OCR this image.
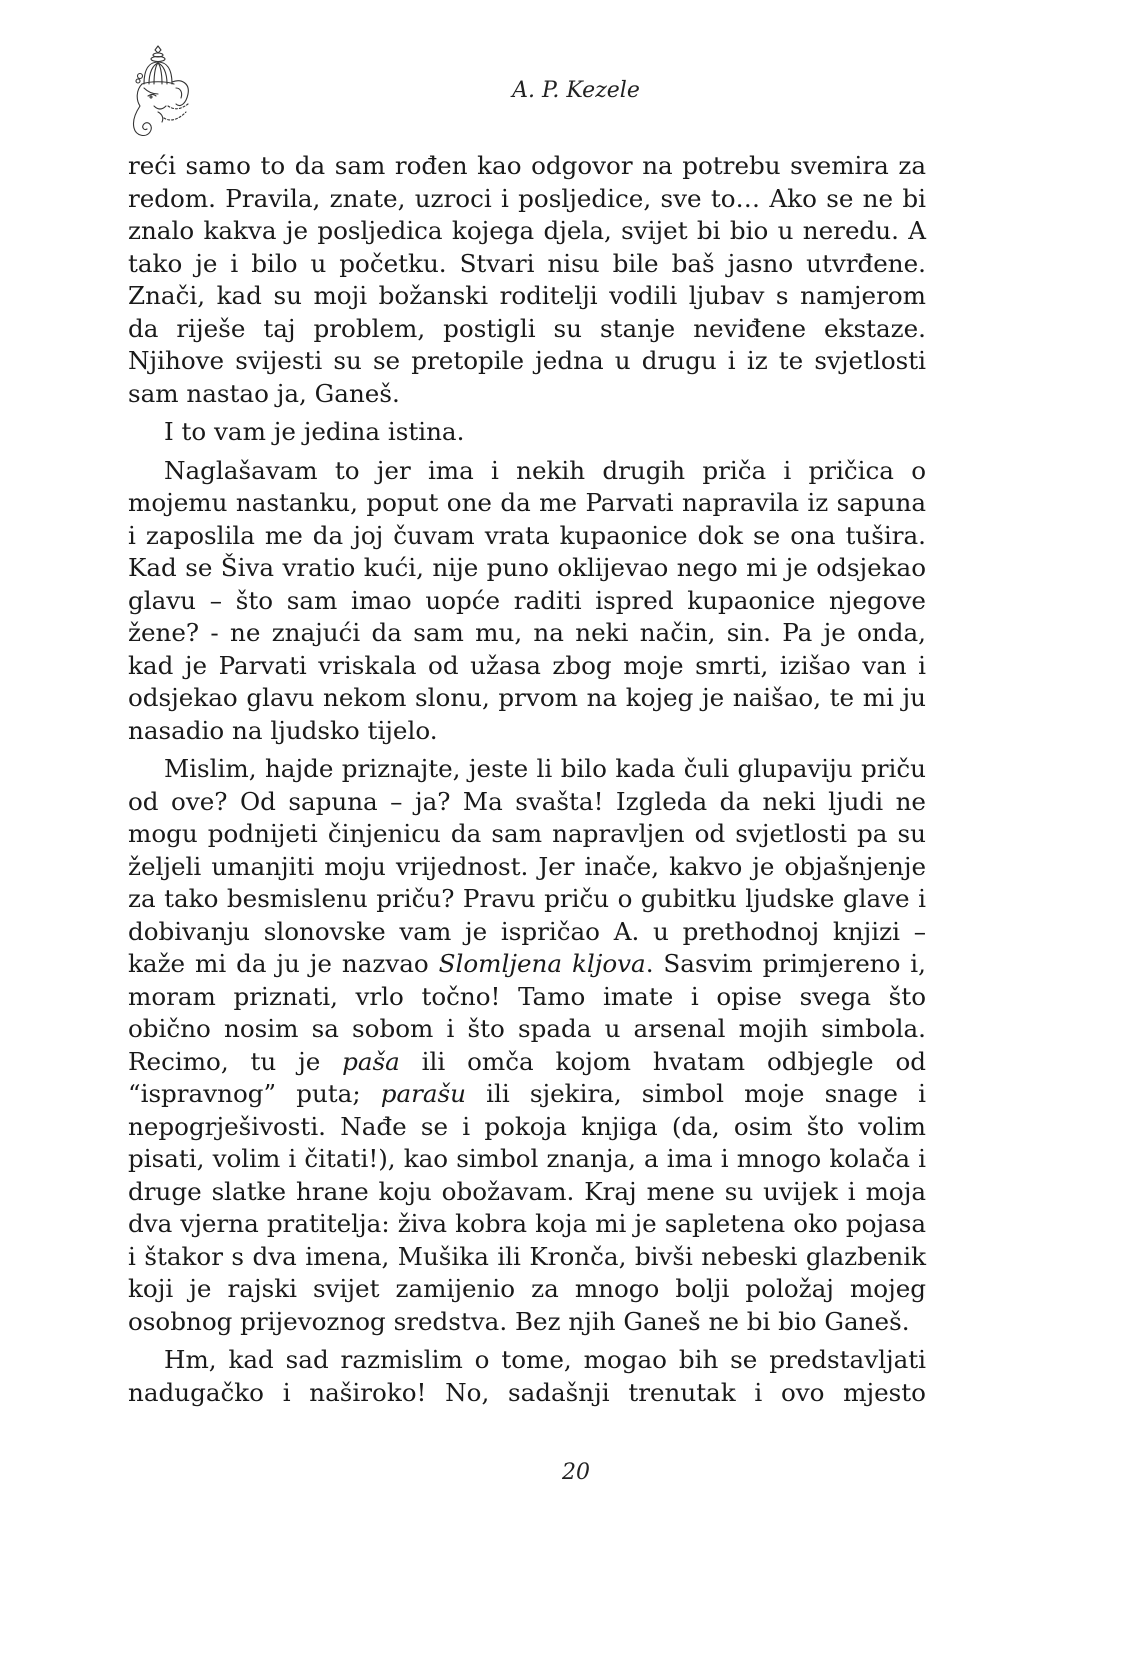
A. P. Kezele

reći samo to da sam rođen kao odgovor na potrebu svemira za redom. Pravila, znate, uzroci i posljedice, sve to… Ako se ne bi znalo kakva je posljedica kojega djela, svijet bi bio u neredu. A tako je i bilo u početku. Stvari nisu bile baš jasno utvrđene. Znači, kad su moji božanski roditelji vodili ljubav s namjerom da riješe taj problem, postigli su stanje neviđene ekstaze. Njihove svijesti su se pretopile jedna u drugu i iz te svjetlosti sam nastao ja, Ganeš.

I to vam je jedina istina.

Naglašavam to jer ima i nekih drugih priča i pričica o mojemu nastanku, poput one da me Parvati napravila iz sapuna i zaposlila me da joj čuvam vrata kupaonice dok se ona tušira. Kad se Šiva vratio kući, nije puno oklijevao nego mi je odsjekao glavu – što sam imao uopće raditi ispred kupaonice njegove žene? - ne znajući da sam mu, na neki način, sin. Pa je onda, kad je Parvati vriskala od užasa zbog moje smrti, izišao van i odsjekao glavu nekom slonu, prvom na kojeg je naišao, te mi ju nasadio na ljudsko tijelo.

Mislim, hajde priznajte, jeste li bilo kada čuli glupaviju priču od ove? Od sapuna – ja? Ma svašta! Izgleda da neki ljudi ne mogu podnijeti činjenicu da sam napravljen od svjetlosti pa su željeli umanjiti moju vrijednost. Jer inače, kakvo je objašnjenje za tako besmislenu priču? Pravu priču o gubitku ljudske glave i dobivanju slonovske vam je ispričao A. u prethodnoj knjizi – kaže mi da ju je nazvao Slomljena kljova. Sasvim primjereno i, moram priznati, vrlo točno! Tamo imate i opise svega što obično nosim sa sobom i što spada u arsenal mojih simbola. Recimo, tu je paša ili omča kojom hvatam odbjegle od “ispravnog” puta; parašu ili sjekira, simbol moje snage i nepogrješivosti. Nađe se i pokoja knjiga (da, osim što volim pisati, volim i čitati!), kao simbol znanja, a ima i mnogo kolača i druge slatke hrane koju obožavam. Kraj mene su uvijek i moja dva vjerna pratitelja: živa kobra koja mi je sapletena oko pojasa i štakor s dva imena, Mušika ili Kronča, bivši nebeski glazbenik koji je rajski svijet zamijenio za mnogo bolji položaj mojeg osobnog prijevoznog sredstva. Bez njih Ganeš ne bi bio Ganeš.

Hm, kad sad razmislim o tome, mogao bih se predstavljati nadugačko i naširoko! No, sadašnji trenutak i ovo mjesto

20
